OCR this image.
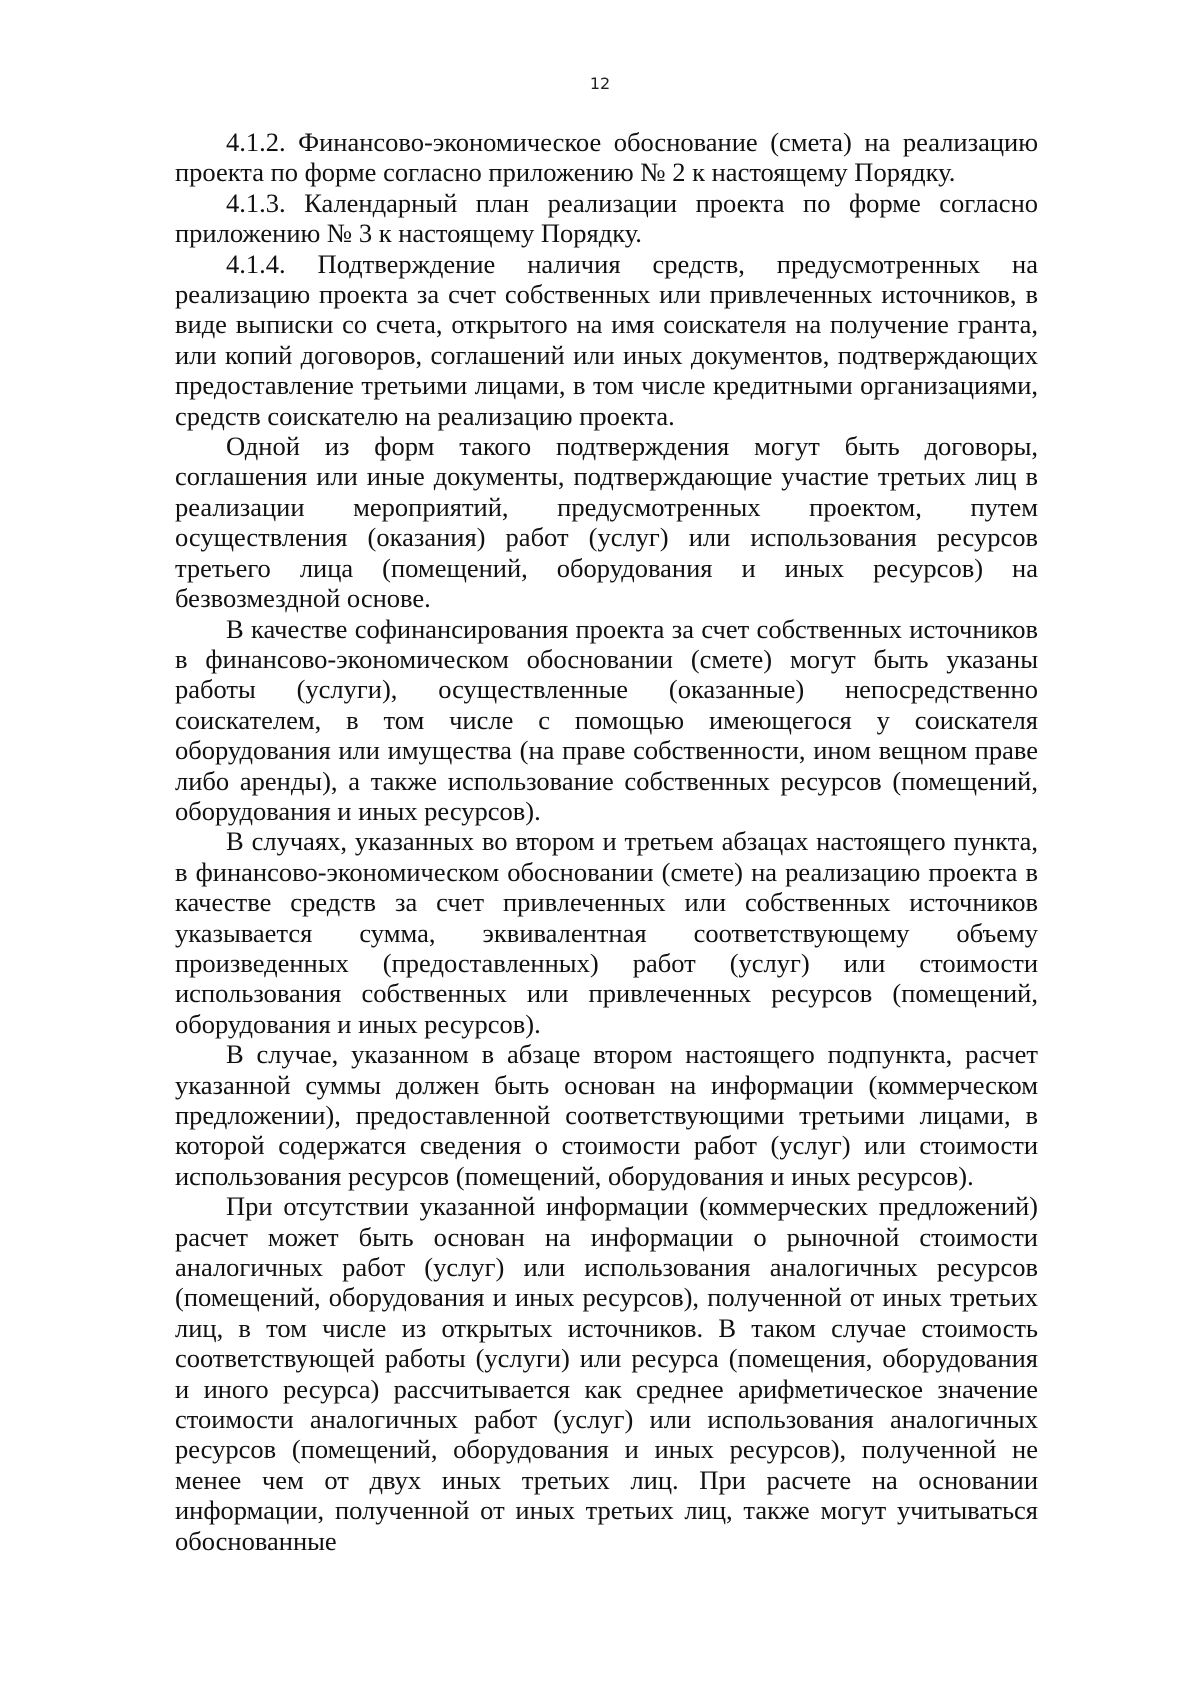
12

4.1.2. Финансово-экономическое обоснование (смета) на реализацию проекта по форме согласно приложению № 2 к настоящему Порядку.

4.1.3. Календарный план реализации проекта по форме согласно приложению № 3 к настоящему Порядку.

4.1.4. Подтверждение наличия средств, предусмотренных на реализацию проекта за счет собственных или привлеченных источников, в виде выписки со счета, открытого на имя соискателя на получение гранта, или копий договоров, соглашений или иных документов, подтверждающих предоставление третьими лицами, в том числе кредитными организациями, средств соискателю на реализацию проекта.

Одной из форм такого подтверждения могут быть договоры, соглашения или иные документы, подтверждающие участие третьих лиц в реализации мероприятий, предусмотренных проектом, путем осуществления (оказания) работ (услуг) или использования ресурсов третьего лица (помещений, оборудования и иных ресурсов) на безвозмездной основе.

В качестве софинансирования проекта за счет собственных источников в финансово-экономическом обосновании (смете) могут быть указаны работы (услуги), осуществленные (оказанные) непосредственно соискателем, в том числе с помощью имеющегося у соискателя оборудования или имущества (на праве собственности, ином вещном праве либо аренды), а также использование собственных ресурсов (помещений, оборудования и иных ресурсов).

В случаях, указанных во втором и третьем абзацах настоящего пункта, в финансово-экономическом обосновании (смете) на реализацию проекта в качестве средств за счет привлеченных или собственных источников указывается сумма, эквивалентная соответствующему объему произведенных (предоставленных) работ (услуг) или стоимости использования собственных или привлеченных ресурсов (помещений, оборудования и иных ресурсов).

В случае, указанном в абзаце втором настоящего подпункта, расчет указанной суммы должен быть основан на информации (коммерческом предложении), предоставленной соответствующими третьими лицами, в которой содержатся сведения о стоимости работ (услуг) или стоимости использования ресурсов (помещений, оборудования и иных ресурсов).

При отсутствии указанной информации (коммерческих предложений) расчет может быть основан на информации о рыночной стоимости аналогичных работ (услуг) или использования аналогичных ресурсов (помещений, оборудования и иных ресурсов), полученной от иных третьих лиц, в том числе из открытых источников. В таком случае стоимость соответствующей работы (услуги) или ресурса (помещения, оборудования и иного ресурса) рассчитывается как среднее арифметическое значение стоимости аналогичных работ (услуг) или использования аналогичных ресурсов (помещений, оборудования и иных ресурсов), полученной не менее чем от двух иных третьих лиц. При расчете на основании информации, полученной от иных третьих лиц, также могут учитываться обоснованные
